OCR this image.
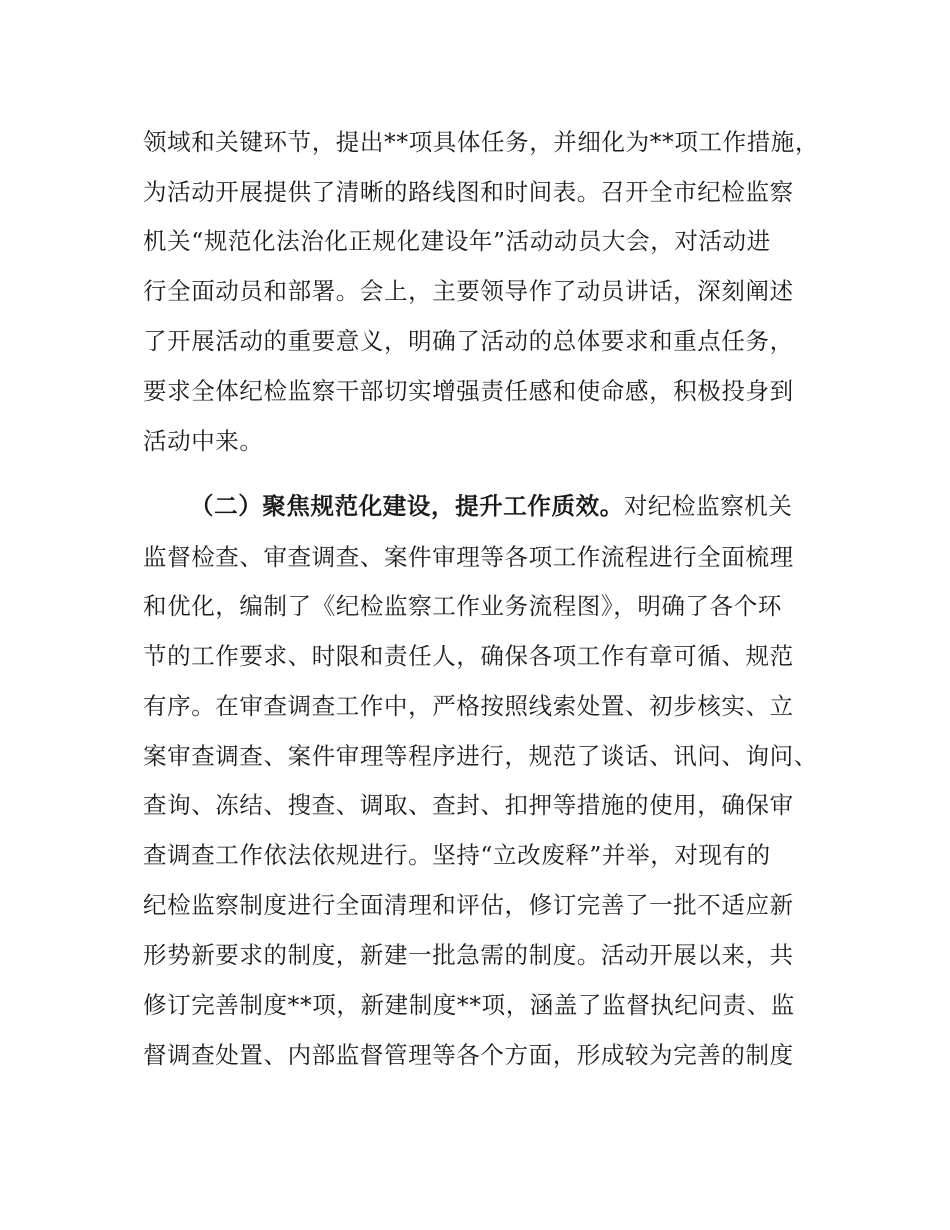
领域和关键环节，提出**项具体任务，并细化为**项工作措施，
为活动开展提供了清晰的路线图和时间表。召开全市纪检监察
机关“规范化法治化正规化建设年”活动动员大会，对活动进
行全面动员和部署。会上，主要领导作了动员讲话，深刻阐述
了开展活动的重要意义，明确了活动的总体要求和重点任务，
要求全体纪检监察干部切实增强责任感和使命感，积极投身到
活动中来。
（二）聚焦规范化建设，提升工作质效。对纪检监察机关
监督检查、审查调查、案件审理等各项工作流程进行全面梳理
和优化，编制了《纪检监察工作业务流程图》，明确了各个环
节的工作要求、时限和责任人，确保各项工作有章可循、规范
有序。在审查调查工作中，严格按照线索处置、初步核实、立
案审查调查、案件审理等程序进行，规范了谈话、讯问、询问、
查询、冻结、搜查、调取、查封、扣押等措施的使用，确保审
查调查工作依法依规进行。坚持“立改废释”并举，对现有的
纪检监察制度进行全面清理和评估，修订完善了一批不适应新
形势新要求的制度，新建一批急需的制度。活动开展以来，共
修订完善制度**项，新建制度**项，涵盖了监督执纪问责、监
督调查处置、内部监督管理等各个方面，形成较为完善的制度
